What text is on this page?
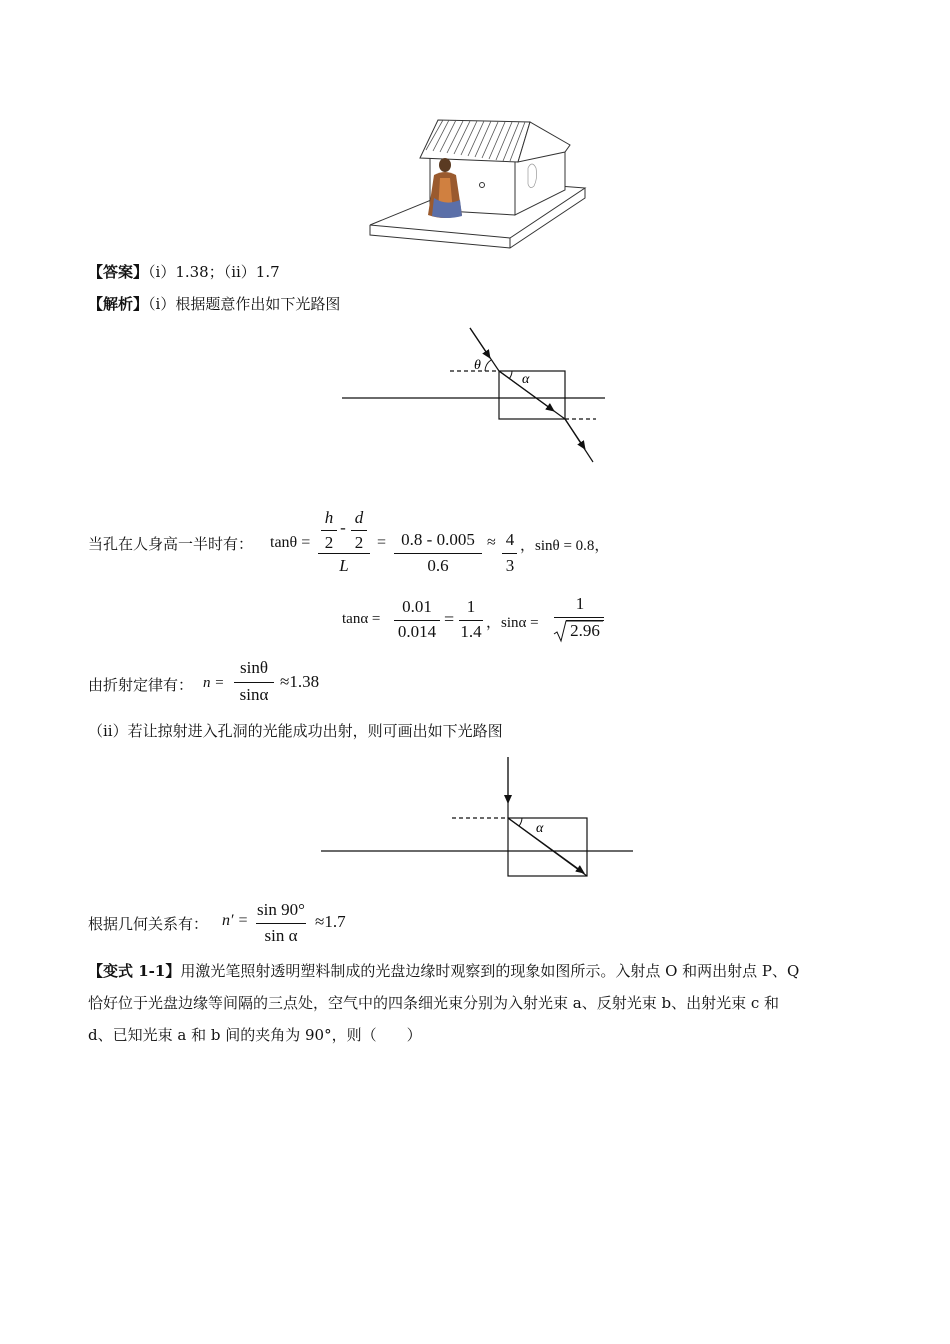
【答案】（i）1.38；（ii）1.7
【解析】（i）根据题意作出如下光路图
θ
α
当孔在人身高一半时有： tanθ =
h
2
-
d
2
L
= 0.8 - 0.005
0.6
≈ 4
3
，sinθ = 0.8，
tanα =
0.01
0.014
=
1
1.4 ，sinα =
1
2.96
由折射定律有： n =
sinθ
sinα
≈1.38
（ii）若让掠射进入孔洞的光能成功出射，则可画出如下光路图
α
根据几何关系有： n′ =
sin 90°
sin α
≈1.7
【变式 1-1】用激光笔照射透明塑料制成的光盘边缘时观察到的现象如图所示。入射点 O 和两出射点 P、Q
恰好位于光盘边缘等间隔的三点处，空气中的四条细光束分别为入射光束 a、反射光束 b、出射光束 c 和
d、已知光束 a 和 b 间的夹角为 90°，则（　　）
